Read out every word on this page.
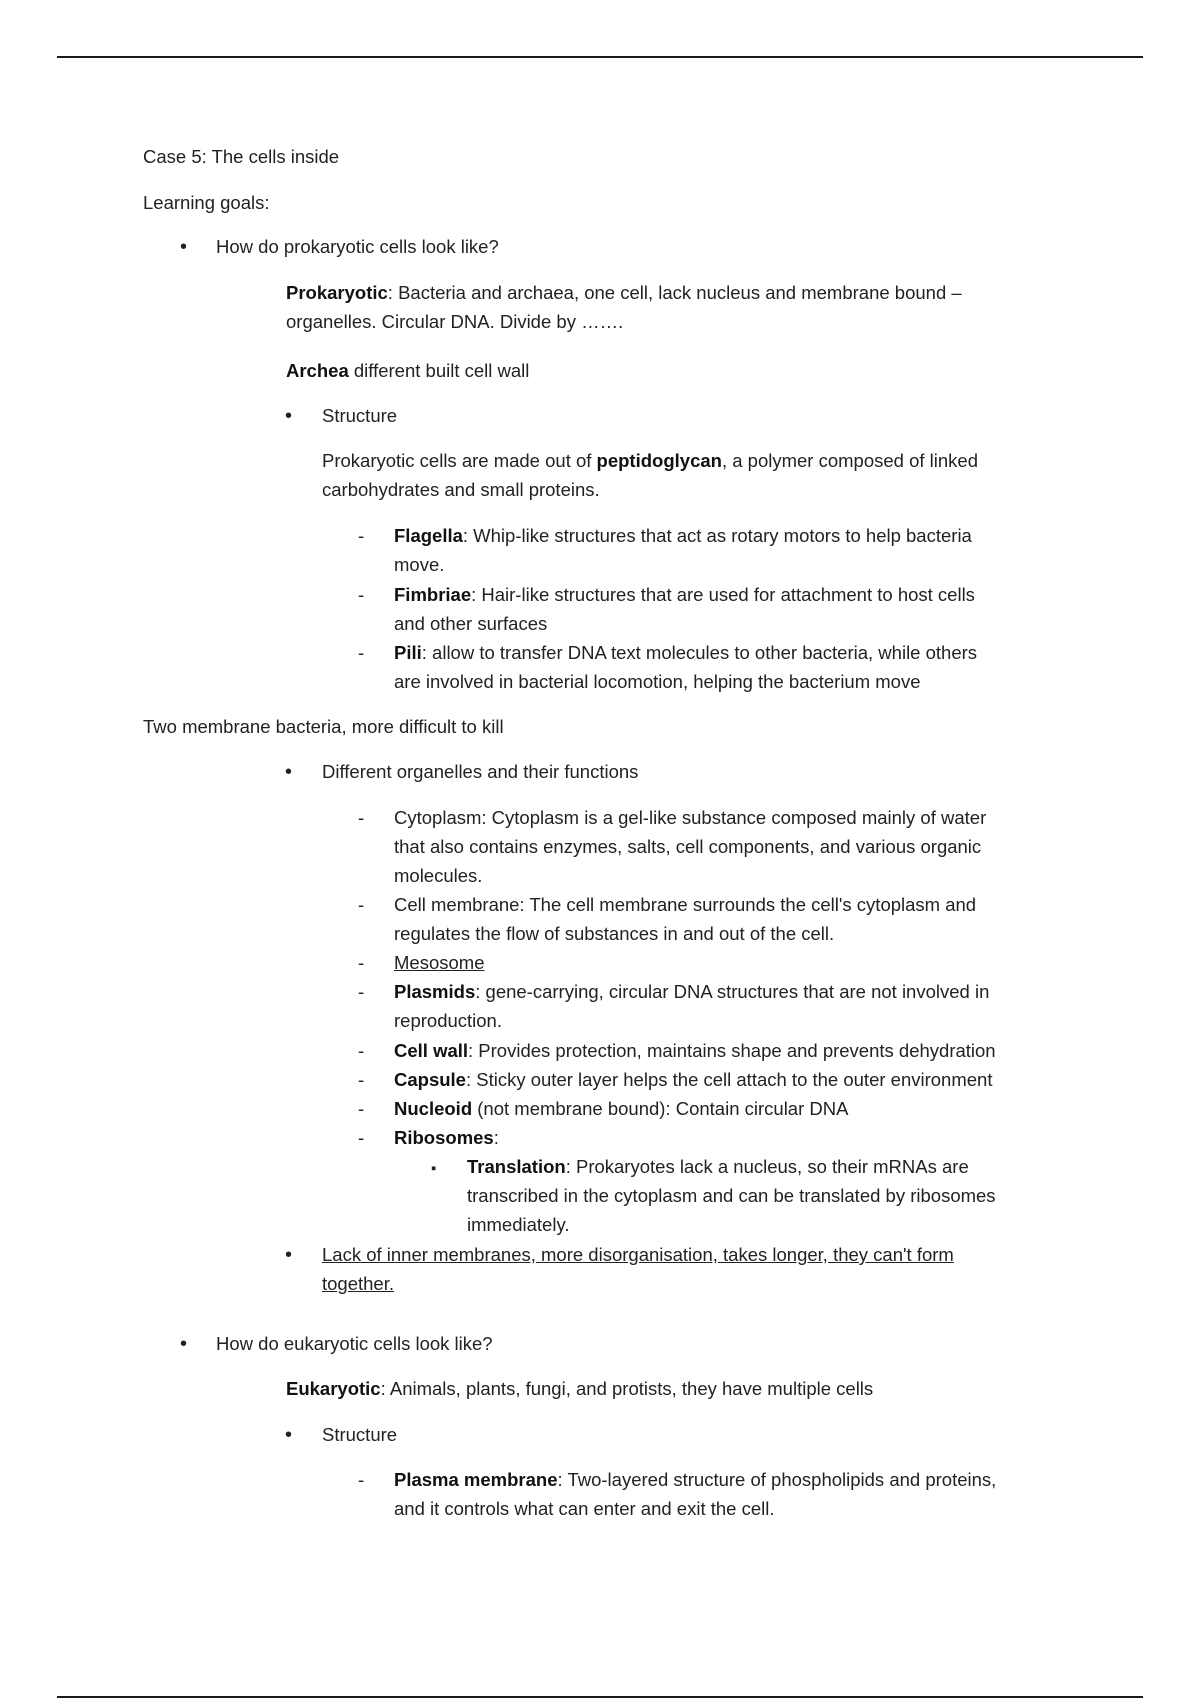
Case 5: The cells inside

Learning goals:

•

How do prokaryotic cells look like?

Prokaryotic: Bacteria and archaea, one cell, lack nucleus and membrane bound –
organelles. Circular DNA. Divide by …….

Archea different built cell wall

•

Structure

Prokaryotic cells are made out of peptidoglycan, a polymer composed of linked
carbohydrates and small proteins.

-

Flagella: Whip-like structures that act as rotary motors to help bacteria
move.

-

Fimbriae: Hair-like structures that are used for attachment to host cells
and other surfaces

-

Pili: allow to transfer DNA text molecules to other bacteria, while others
are involved in bacterial locomotion, helping the bacterium move

Two membrane bacteria, more difficult to kill

•

Different organelles and their functions

-

Cytoplasm: Cytoplasm is a gel-like substance composed mainly of water
that also contains enzymes, salts, cell components, and various organic
molecules.

-

Cell membrane: The cell membrane surrounds the cell's cytoplasm and
regulates the flow of substances in and out of the cell.

-

Mesosome

-

Plasmids: gene-carrying, circular DNA structures that are not involved in
reproduction.

-

Cell wall: Provides protection, maintains shape and prevents dehydration

-

Capsule: Sticky outer layer helps the cell attach to the outer environment

-

Nucleoid (not membrane bound): Contain circular DNA

-

Ribosomes:

▪

Translation: Prokaryotes lack a nucleus, so their mRNAs are
transcribed in the cytoplasm and can be translated by ribosomes
immediately.

•

Lack of inner membranes, more disorganisation, takes longer, they can't form
together.

•

How do eukaryotic cells look like?

Eukaryotic: Animals, plants, fungi, and protists, they have multiple cells

•

Structure

-

Plasma membrane: Two-layered structure of phospholipids and proteins,
and it controls what can enter and exit the cell.
